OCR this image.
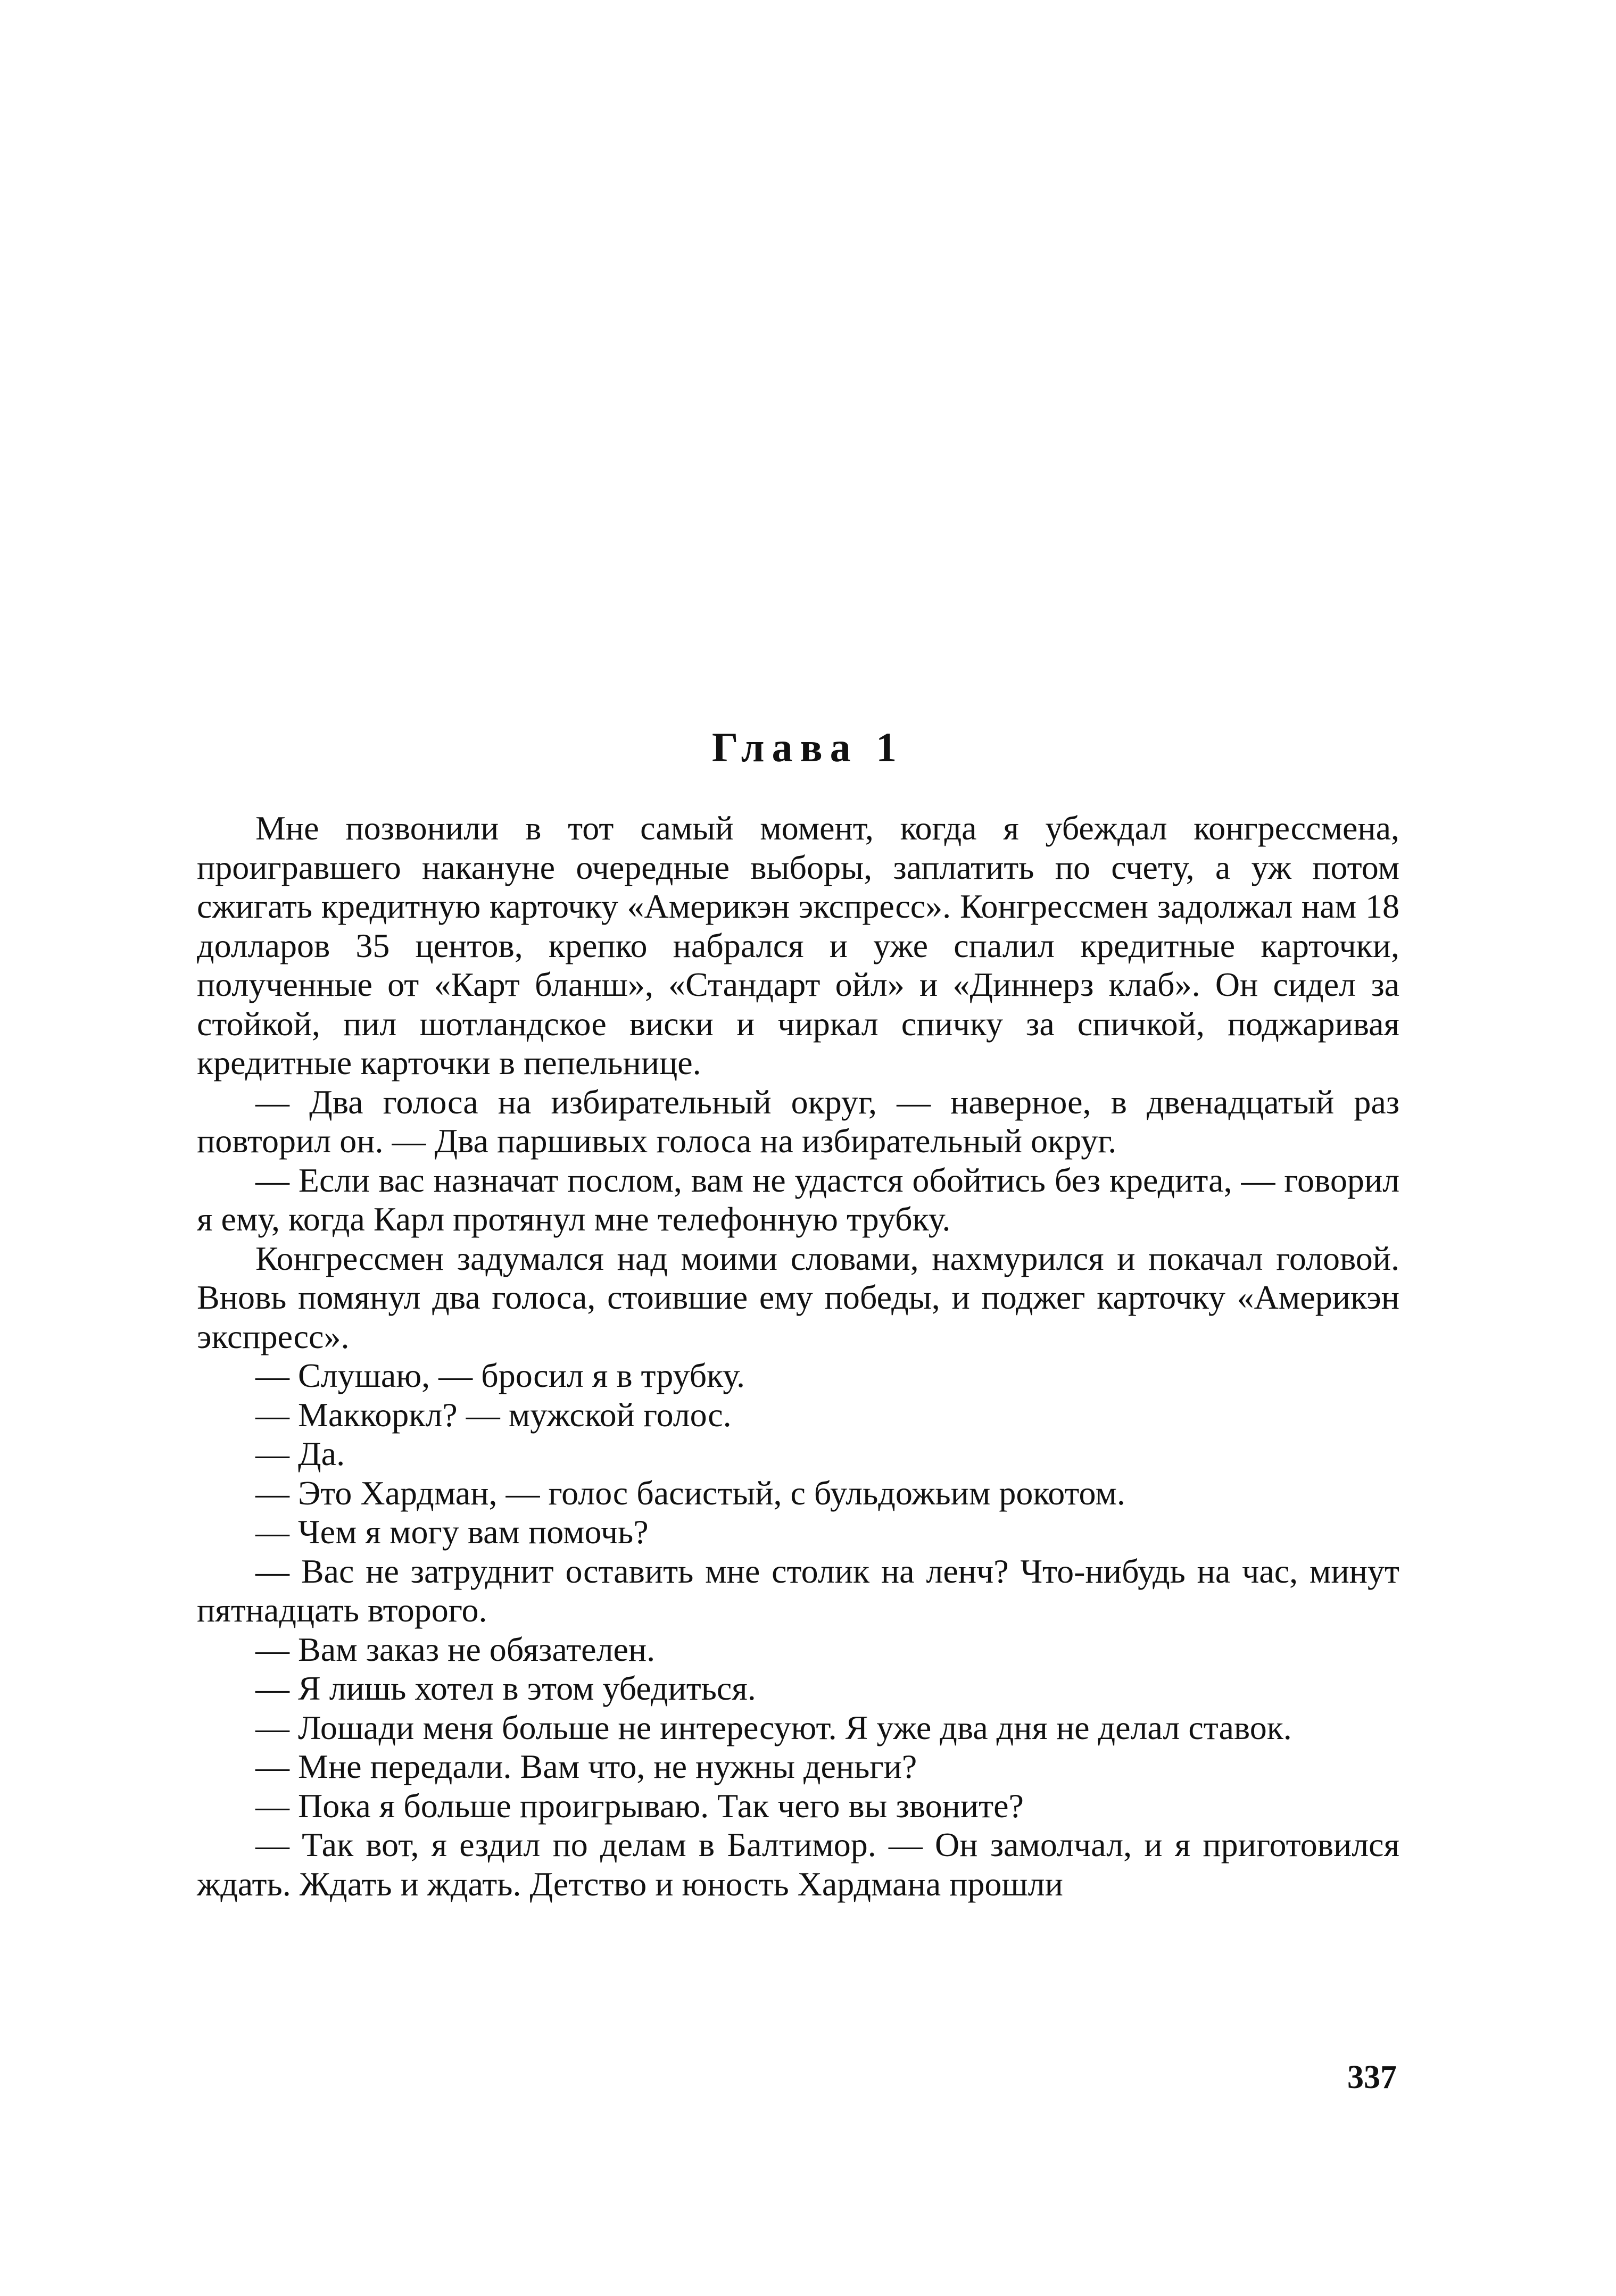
Глава 1

Мне позвонили в тот самый момент, когда я убеждал конгрессмена, проигравшего накануне очередные выборы, заплатить по счету, а уж потом сжигать кредитную карточку «Америкэн экспресс». Конгрессмен задолжал нам 18 долларов 35 центов, крепко набрался и уже спалил кредитные карточки, полученные от «Карт бланш», «Стандарт ойл» и «Диннерз клаб». Он сидел за стойкой, пил шотландское виски и чиркал спичку за спичкой, поджаривая кредитные карточки в пепельнице.

— Два голоса на избирательный округ, — наверное, в двенадцатый раз повторил он. — Два паршивых голоса на избирательный округ.

— Если вас назначат послом, вам не удастся обойтись без кредита, — говорил я ему, когда Карл протянул мне телефонную трубку.

Конгрессмен задумался над моими словами, нахмурился и покачал головой. Вновь помянул два голоса, стоившие ему победы, и поджег карточку «Америкэн экспресс».

— Слушаю, — бросил я в трубку.

— Маккоркл? — мужской голос.

— Да.

— Это Хардман, — голос басистый, с бульдожьим рокотом.

— Чем я могу вам помочь?

— Вас не затруднит оставить мне столик на ленч? Что-нибудь на час, минут пятнадцать второго.

— Вам заказ не обязателен.

— Я лишь хотел в этом убедиться.

— Лошади меня больше не интересуют. Я уже два дня не делал ставок.

— Мне передали. Вам что, не нужны деньги?

— Пока я больше проигрываю. Так чего вы звоните?

— Так вот, я ездил по делам в Балтимор. — Он замолчал, и я приготовился ждать. Ждать и ждать. Детство и юность Хардмана прошли

337
